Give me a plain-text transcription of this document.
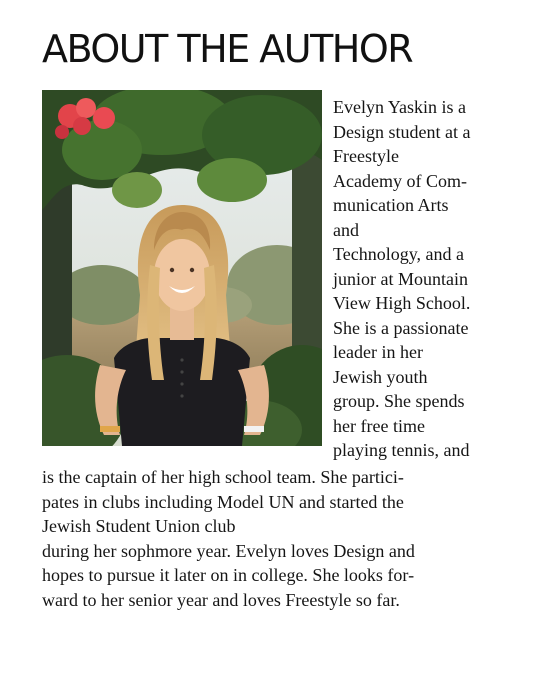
ABOUT THE AUTHOR
Evelyn Yaskin is a
Design student at a
Freestyle
Academy of Com-
munication Arts
and
Technology, and a
junior at Mountain
View High School.
She is a passionate
leader in her
Jewish youth
group. She spends
her free time
playing tennis, and
is the captain of her high school team. She partici-
pates in clubs including Model UN and started the
Jewish Student Union club
during her sophmore year. Evelyn loves Design and
hopes to pursue it later on in college. She looks for-
ward to her senior year and loves Freestyle so far.
